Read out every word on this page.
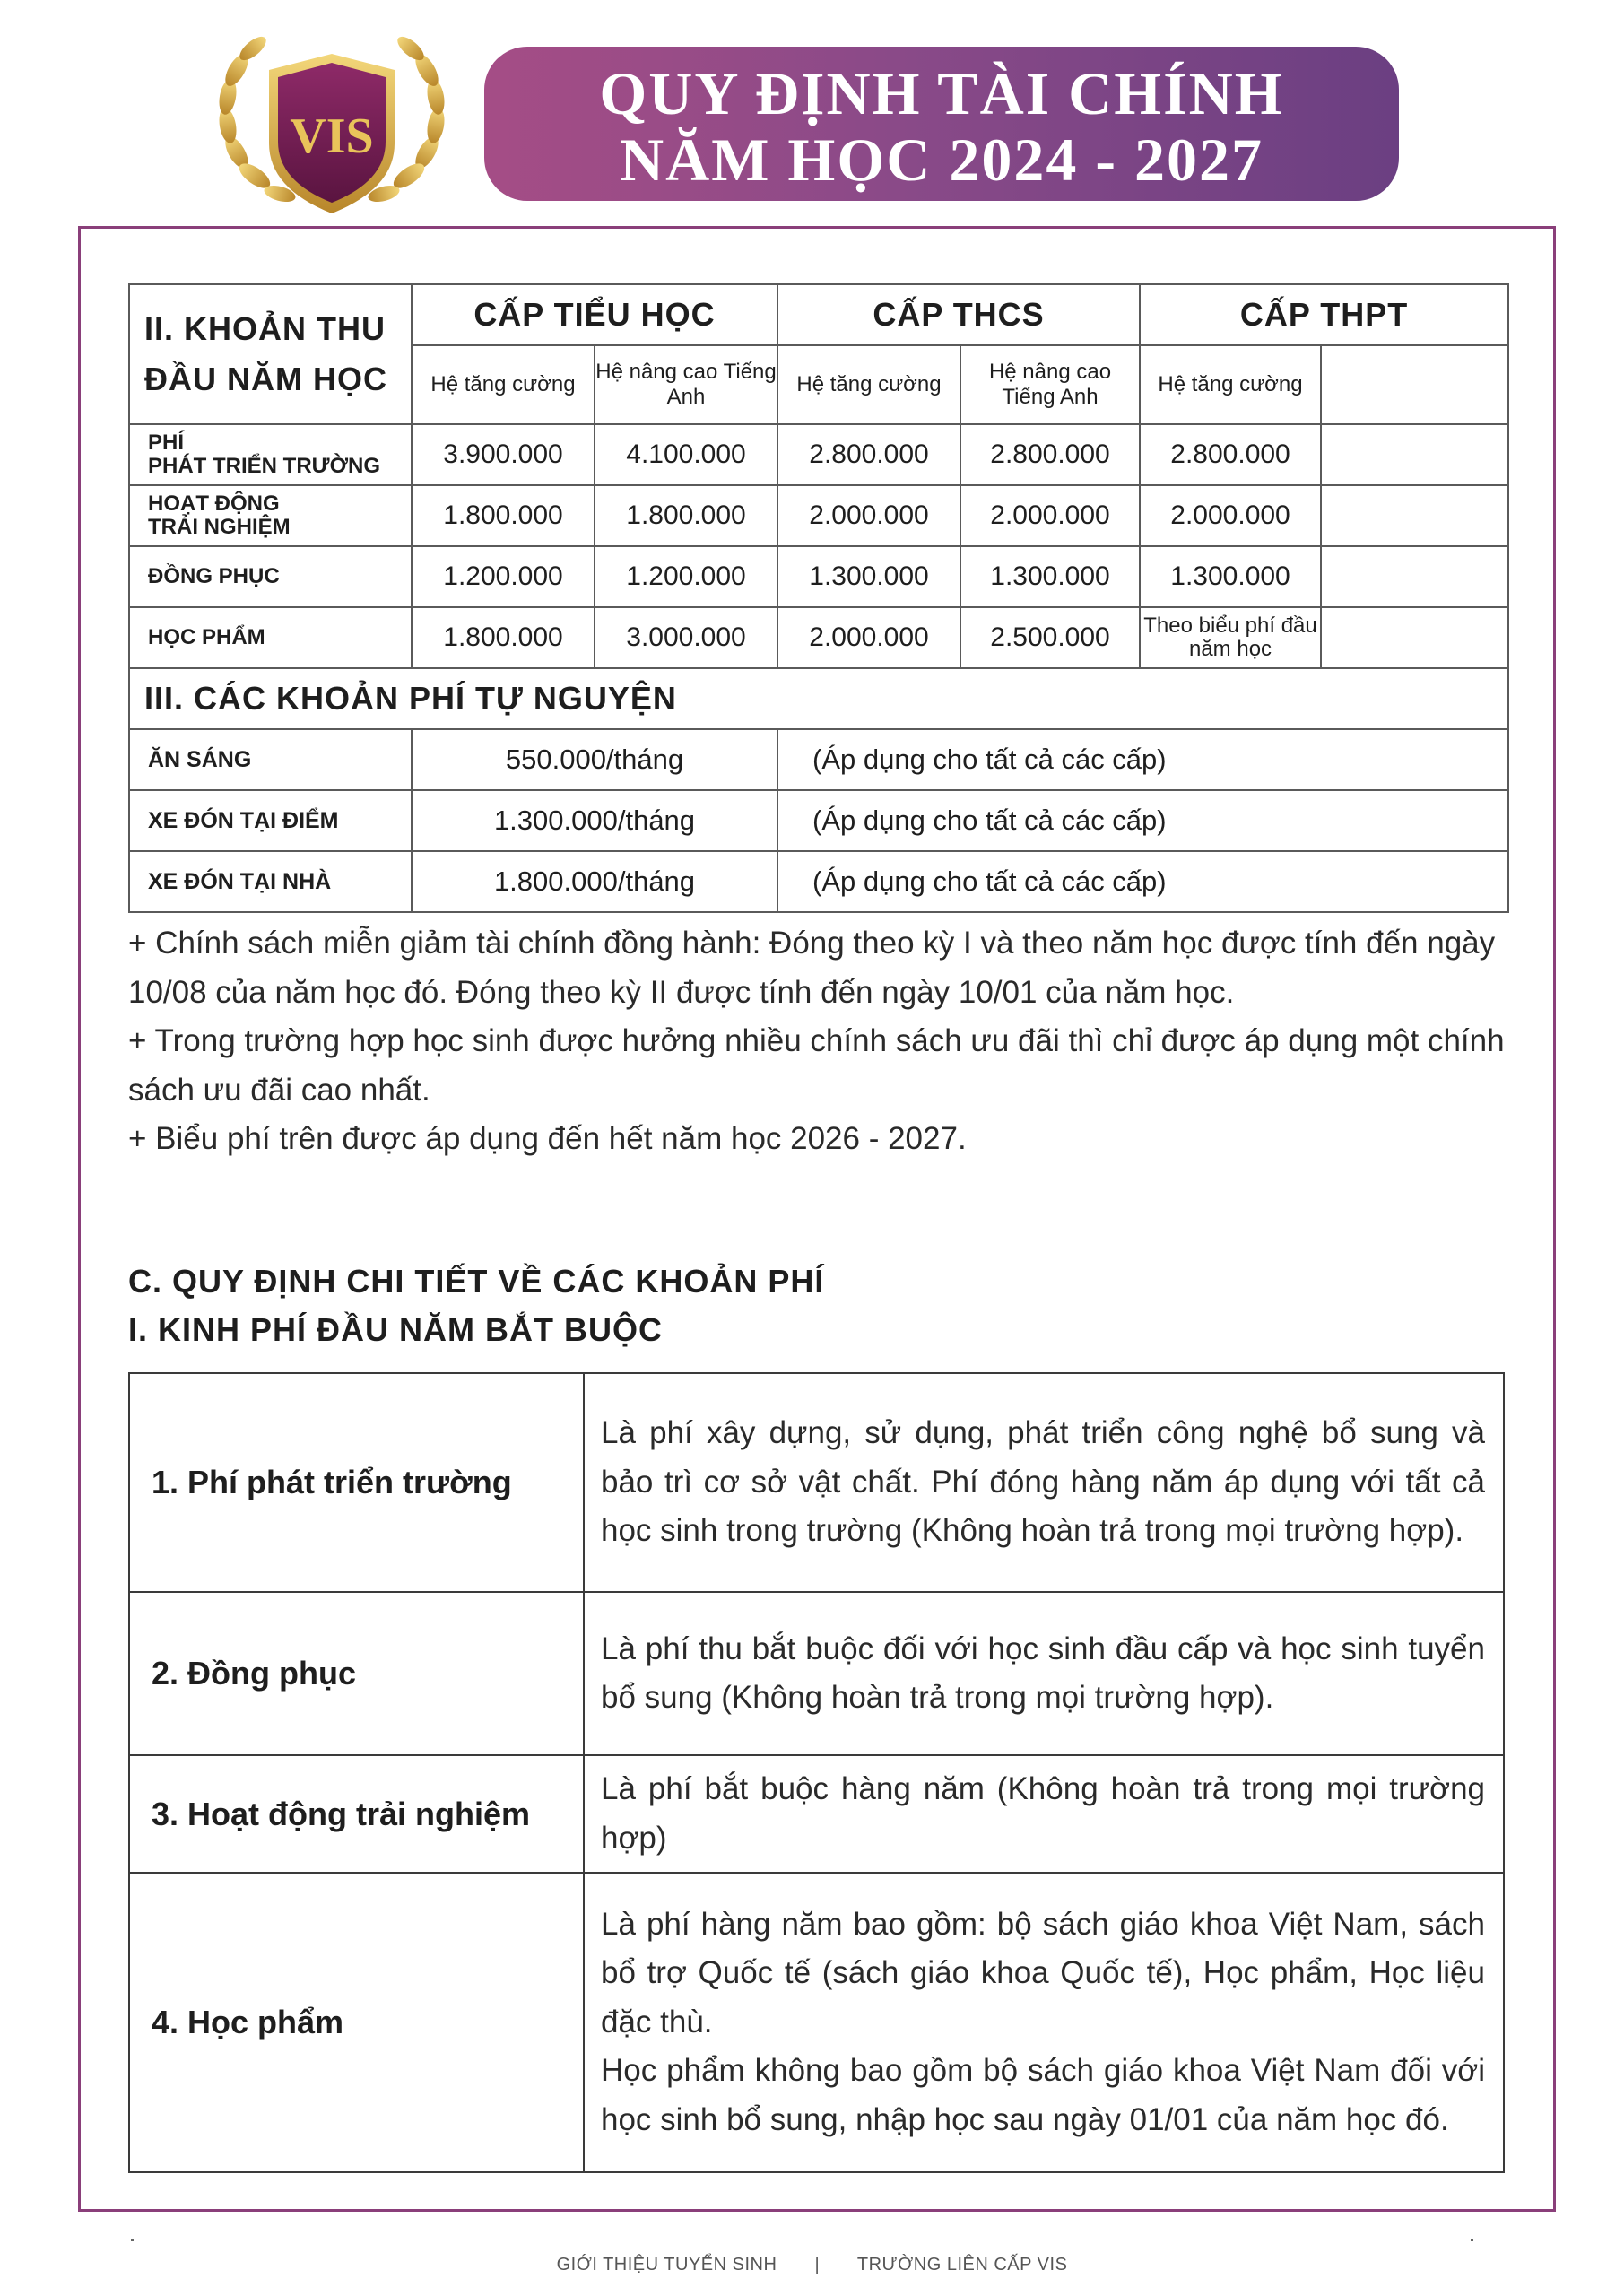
VIS
QUY ĐỊNH TÀI CHÍNH
NĂM HỌC 2024 - 2027
II. KHOẢN THU
ĐẦU NĂM HỌC	CẤP TIỂU HỌC		CẤP THCS		CẤP THPT	
	Hệ tăng cường	Hệ nâng cao Tiếng Anh	Hệ tăng cường	Hệ nâng cao Tiếng Anh	Hệ tăng cường	

PHÍ
PHÁT TRIỂN TRƯỜNG	3.900.000	4.100.000	2.800.000	2.800.000	2.800.000	

HOẠT ĐỘNG
TRẢI NGHIỆM	1.800.000	1.800.000	2.000.000	2.000.000	2.000.000	

ĐỒNG PHỤC	1.200.000	1.200.000	1.300.000	1.300.000	1.300.000	

HỌC PHẨM	1.800.000	3.000.000	2.000.000	2.500.000	Theo biểu phí đầu năm học	
III. CÁC KHOẢN PHÍ TỰ NGUYỆN						
ĂN SÁNG	550.000/tháng		(Áp dụng cho tất cả các cấp)			
XE ĐÓN TẠI ĐIỂM	1.300.000/tháng		(Áp dụng cho tất cả các cấp)			
XE ĐÓN TẠI NHÀ	1.800.000/tháng		(Áp dụng cho tất cả các cấp)			

+ Chính sách miễn giảm tài chính đồng hành: Đóng theo kỳ I và theo năm học được tính đến ngày 10/08 của năm học đó. Đóng theo kỳ II được tính đến ngày 10/01 của năm học.

+ Trong trường hợp học sinh được hưởng nhiều chính sách ưu đãi thì chỉ được áp dụng một chính sách ưu đãi cao nhất.

+ Biểu phí trên được áp dụng đến hết năm học 2026 - 2027.

C. QUY ĐỊNH CHI TIẾT VỀ CÁC KHOẢN PHÍ
I. KINH PHÍ ĐẦU NĂM BẮT BUỘC
1. Phí phát triển trường	Là phí xây dựng, sử dụng, phát triển công nghệ bổ sung và bảo trì cơ sở vật chất. Phí đóng hàng năm áp dụng với tất cả học sinh trong trường (Không hoàn trả trong mọi trường hợp).

2. Đồng phục	Là phí thu bắt buộc đối với học sinh đầu cấp và học sinh tuyển bổ sung (Không hoàn trả trong mọi trường hợp).

3. Hoạt động trải nghiệm	Là phí bắt buộc hàng năm (Không hoàn trả trong mọi trường hợp)

4. Học phẩm	Là phí hàng năm bao gồm: bộ sách giáo khoa Việt Nam, sách bổ trợ Quốc tế (sách giáo khoa Quốc tế), Học phẩm, Học liệu đặc thù.

Học phẩm không bao gồm bộ sách giáo khoa Việt Nam đối với học sinh bổ sung, nhập học sau ngày 01/01 của năm học đó.

GIỚI THIỆU TUYỂN SINH | TRƯỜNG LIÊN CẤP VIS
